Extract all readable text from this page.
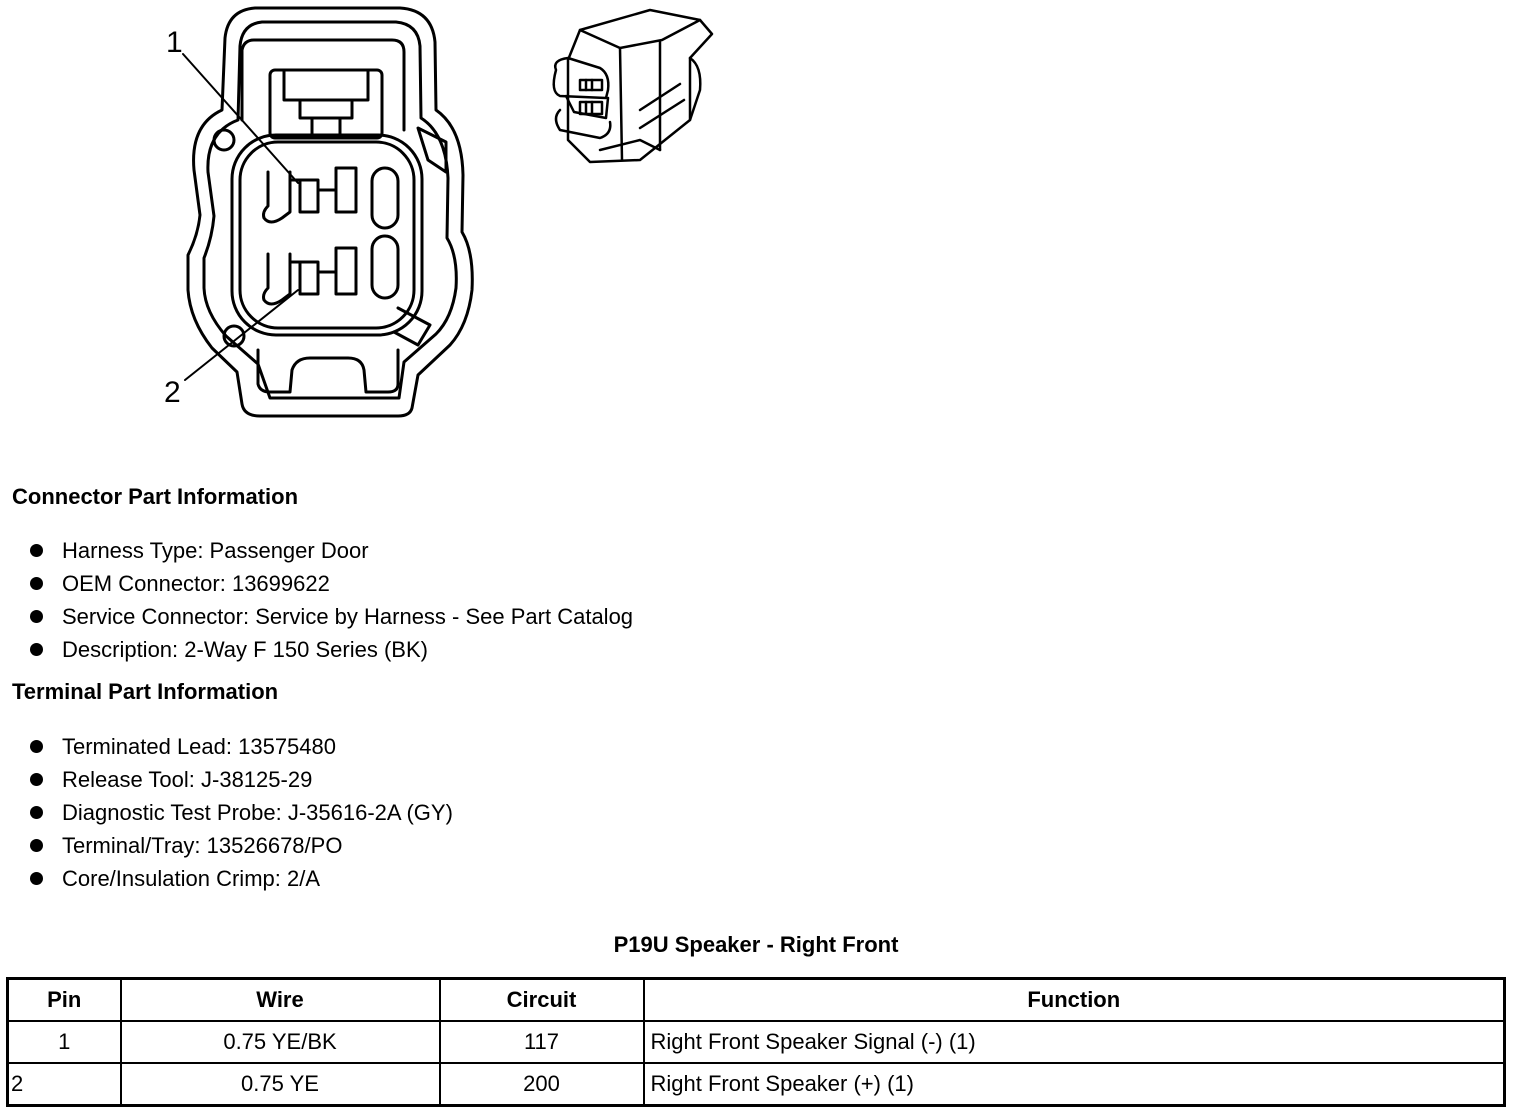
1
2
Connector Part Information
Harness Type: Passenger Door
OEM Connector: 13699622
Service Connector: Service by Harness - See Part Catalog
Description: 2-Way F 150 Series (BK)
Terminal Part Information
Terminated Lead: 13575480
Release Tool: J-38125-29
Diagnostic Test Probe: J-35616-2A (GY)
Terminal/Tray: 13526678/PO
Core/Insulation Crimp: 2/A
P19U Speaker - Right Front
Pin	Wire	Circuit	Function
1	0.75 YE/BK	117	Right Front Speaker Signal (-) (1)
2	0.75 YE	200	Right Front Speaker (+) (1)
